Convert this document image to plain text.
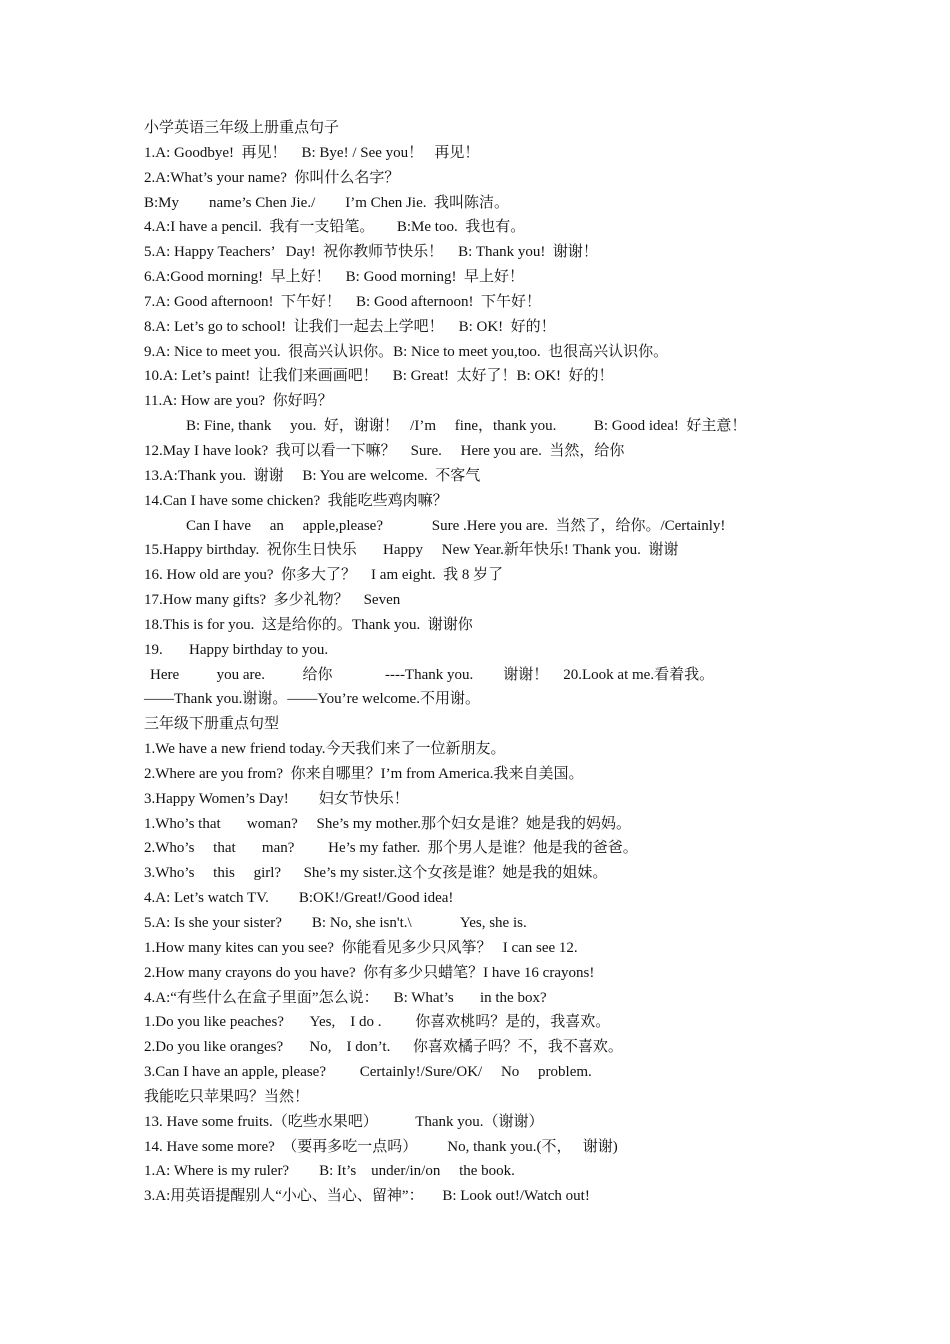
小学英语三年级上册重点句子
1.A: Goodbye!  再见！    B: Bye! / See you！   再见！
2.A:What’s your name?  你叫什么名字？
B:My        name’s Chen Jie./        I’m Chen Jie.  我叫陈洁。
4.A:I have a pencil.  我有一支铅笔。      B:Me too.  我也有。
5.A: Happy Teachers’   Day!  祝你教师节快乐！    B: Thank you!  谢谢！
6.A:Good morning!  早上好！    B: Good morning!  早上好！
7.A: Good afternoon!  下午好！    B: Good afternoon!  下午好！
8.A: Let’s go to school!  让我们一起去上学吧！    B: OK!  好的！
9.A: Nice to meet you.  很高兴认识你。B: Nice to meet you,too.  也很高兴认识你。
10.A: Let’s paint!  让我们来画画吧！    B: Great!  太好了！B: OK!  好的！
11.A: How are you?  你好吗？
B: Fine, thank     you.  好，谢谢！   /I’m     fine，thank you.          B: Good idea!  好主意！
12.May I have look?  我可以看一下嘛？    Sure.     Here you are.  当然，给你
13.A:Thank you.  谢谢     B: You are welcome.  不客气
14.Can I have some chicken?  我能吃些鸡肉嘛？
Can I have     an     apple,please?             Sure .Here you are.  当然了，给你。/Certainly!
15.Happy birthday.  祝你生日快乐       Happy     New Year.新年快乐! Thank you.  谢谢
16. How old are you?  你多大了？    I am eight.  我 8 岁了
17.How many gifts?  多少礼物？    Seven
18.This is for you.  这是给你的。Thank you.  谢谢你
19.       Happy birthday to you.
Here          you are.          给你              ----Thank you.        谢谢！    20.Look at me.看着我。
——Thank you.谢谢。——You’re welcome.不用谢。
三年级下册重点句型
1.We have a new friend today.今天我们来了一位新朋友。
2.Where are you from?  你来自哪里？I’m from America.我来自美国。
3.Happy Women’s Day!        妇女节快乐！
1.Who’s that       woman?     She’s my mother.那个妇女是谁？她是我的妈妈。
2.Who’s     that       man?         He’s my father.  那个男人是谁？他是我的爸爸。
3.Who’s     this     girl?      She’s my sister.这个女孩是谁？她是我的姐妹。
4.A: Let’s watch TV.        B:OK!/Great!/Good idea!
5.A: Is she your sister?        B: No, she isn't.\             Yes, she is.
1.How many kites can you see?  你能看见多少只风筝？   I can see 12.
2.How many crayons do you have?  你有多少只蜡笔？I have 16 crayons!
4.A:“有些什么在盒子里面”怎么说：    B: What’s       in the box?
1.Do you like peaches?       Yes,    I do .         你喜欢桃吗？是的，我喜欢。
2.Do you like oranges?       No,    I don’t.      你喜欢橘子吗？不，我不喜欢。
3.Can I have an apple, please?         Certainly!/Sure/OK/     No     problem.
我能吃只苹果吗？当然！
13. Have some fruits.（吃些水果吧）          Thank you.（谢谢）
14. Have some more?  （要再多吃一点吗）        No, thank you.(不，   谢谢)
1.A: Where is my ruler?        B: It’s    under/in/on     the book.
3.A:用英语提醒别人“小心、当心、留神”：     B: Look out!/Watch out!
